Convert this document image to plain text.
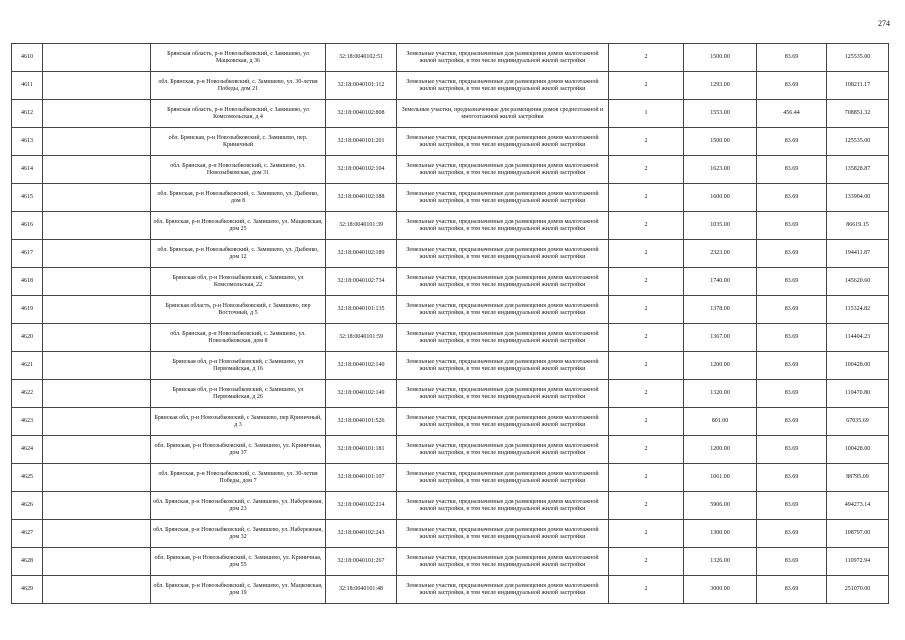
274
4610		Брянская область, р-н Новозыбковский, с Замишево, ул Мацковская, д 36	32:18:0040102:51	Земельные участки, предназначенные для размещения домов малоэтажной жилой застройки, в том числе индивидуальной жилой застройки	2	1500.00	83.69	125535.00
4611		обл. Брянская, р-н Новозыбковский, с. Замишево, ул. 30-летия Победы, дом 21	32:18:0040101:112	Земельные участки, предназначенные для размещения домов малоэтажной жилой застройки, в том числе индивидуальной жилой застройки	2	1293.00	83.69	108211.17
4612		Брянская область, р-н Новозыбковский, с Замишево, ул Комсомольская, д 4	32:18:0040102:808	Земельные участки, предназначенные для размещения домов среднеэтажной и многоэтажной жилой застройки	1	1553.00	456.44	708851.32
4613		обл. Брянская, р-н Новозыбковский, с. Замишево, пер. Криничный	32:18:0040101:201	Земельные участки, предназначенные для размещения домов малоэтажной жилой застройки, в том числе индивидуальной жилой застройки	2	1500.00	83.69	125535.00
4614		обл. Брянская, р-н Новозыбковский, с. Замишево, ул. Новозыбковская, дом 31	32:18:0040102:104	Земельные участки, предназначенные для размещения домов малоэтажной жилой застройки, в том числе индивидуальной жилой застройки	2	1623.00	83.69	135828.87
4615		обл. Брянская, р-н Новозыбковский, с. Замишево, ул. Дыбенко, дом 8	32:18:0040102:188	Земельные участки, предназначенные для размещения домов малоэтажной жилой застройки, в том числе индивидуальной жилой застройки	2	1600.00	83.69	133904.00
4616		обл. Брянская, р-н Новозыбковский, с. Замишево, ул. Мацковская, дом 25	32:18:0040101:39	Земельные участки, предназначенные для размещения домов малоэтажной жилой застройки, в том числе индивидуальной жилой застройки	2	1035.00	83.69	86619.15
4617		обл. Брянская, р-н Новозыбковский, с. Замишево, ул. Дыбенко, дом 12	32:18:0040102:189	Земельные участки, предназначенные для размещения домов малоэтажной жилой застройки, в том числе индивидуальной жилой застройки	2	2323.00	83.69	194411.87
4618		Брянская обл, р-н Новозыбковский, с Замишево, ул Комсомольская, 22	32:18:0040102:734	Земельные участки, предназначенные для размещения домов малоэтажной жилой застройки, в том числе индивидуальной жилой застройки	2	1740.00	83.69	145620.60
4619		Брянская область, р-н Новозыбковский, с Замишево, пер Восточный, д 5	32:18:0040101:135	Земельные участки, предназначенные для размещения домов малоэтажной жилой застройки, в том числе индивидуальной жилой застройки	2	1378.00	83.69	115324.82
4620		обл. Брянская, р-н Новозыбковский, с. Замишево, ул. Новозыбковская, дом 8	32:18:0040101:59	Земельные участки, предназначенные для размещения домов малоэтажной жилой застройки, в том числе индивидуальной жилой застройки	2	1367.00	83.69	114404.23
4621		Брянская обл, р-н Новозыбковский, с Замишево, ул Первомайская, д 16	32:18:0040102:140	Земельные участки, предназначенные для размещения домов малоэтажной жилой застройки, в том числе индивидуальной жилой застройки	2	1200.00	83.69	100428.00
4622		Брянская обл, р-н Новозыбковский, с Замишево, ул Первомайская, д 26	32:18:0040102:149	Земельные участки, предназначенные для размещения домов малоэтажной жилой застройки, в том числе индивидуальной жилой застройки	2	1320.00	83.69	110470.80
4623		Брянская обл, р-н Новозыбковский, с Замишево, пер Криничный, д 3	32:18:0040101:526	Земельные участки, предназначенные для размещения домов малоэтажной жилой застройки, в том числе индивидуальной жилой застройки	2	801.00	83.69	67035.69
4624		обл. Брянская, р-н Новозыбковский, с. Замишево, ул. Криничная, дом 37	32:18:0040101:181	Земельные участки, предназначенные для размещения домов малоэтажной жилой застройки, в том числе индивидуальной жилой застройки	2	1200.00	83.69	100428.00
4625		обл. Брянская, р-н Новозыбковский, с. Замишево, ул. 30-летия Победы, дом 7	32:18:0040101:107	Земельные участки, предназначенные для размещения домов малоэтажной жилой застройки, в том числе индивидуальной жилой застройки	2	1061.00	83.69	88795.09
4626		обл. Брянская, р-н Новозыбковский, с. Замишево, ул. Набережная, дом 23	32:18:0040102:214	Земельные участки, предназначенные для размещения домов малоэтажной жилой застройки, в том числе индивидуальной жилой застройки	2	5906.00	83.69	494273.14
4627		обл. Брянская, р-н Новозыбковский, с. Замишево, ул. Набережная, дом 32	32:18:0040102:243	Земельные участки, предназначенные для размещения домов малоэтажной жилой застройки, в том числе индивидуальной жилой застройки	2	1300.00	83.69	108797.00
4628		обл. Брянская, р-н Новозыбковский, с. Замишево, ул. Криничная, дом 55	32:18:0040101:267	Земельные участки, предназначенные для размещения домов малоэтажной жилой застройки, в том числе индивидуальной жилой застройки	2	1326.00	83.69	110972.94
4629		обл. Брянская, р-н Новозыбковский, с. Замишево, ул. Мацковская, дом 19	32:18:0040101:48	Земельные участки, предназначенные для размещения домов малоэтажной жилой застройки, в том числе индивидуальной жилой застройки	2	3000.00	83.69	251070.00
